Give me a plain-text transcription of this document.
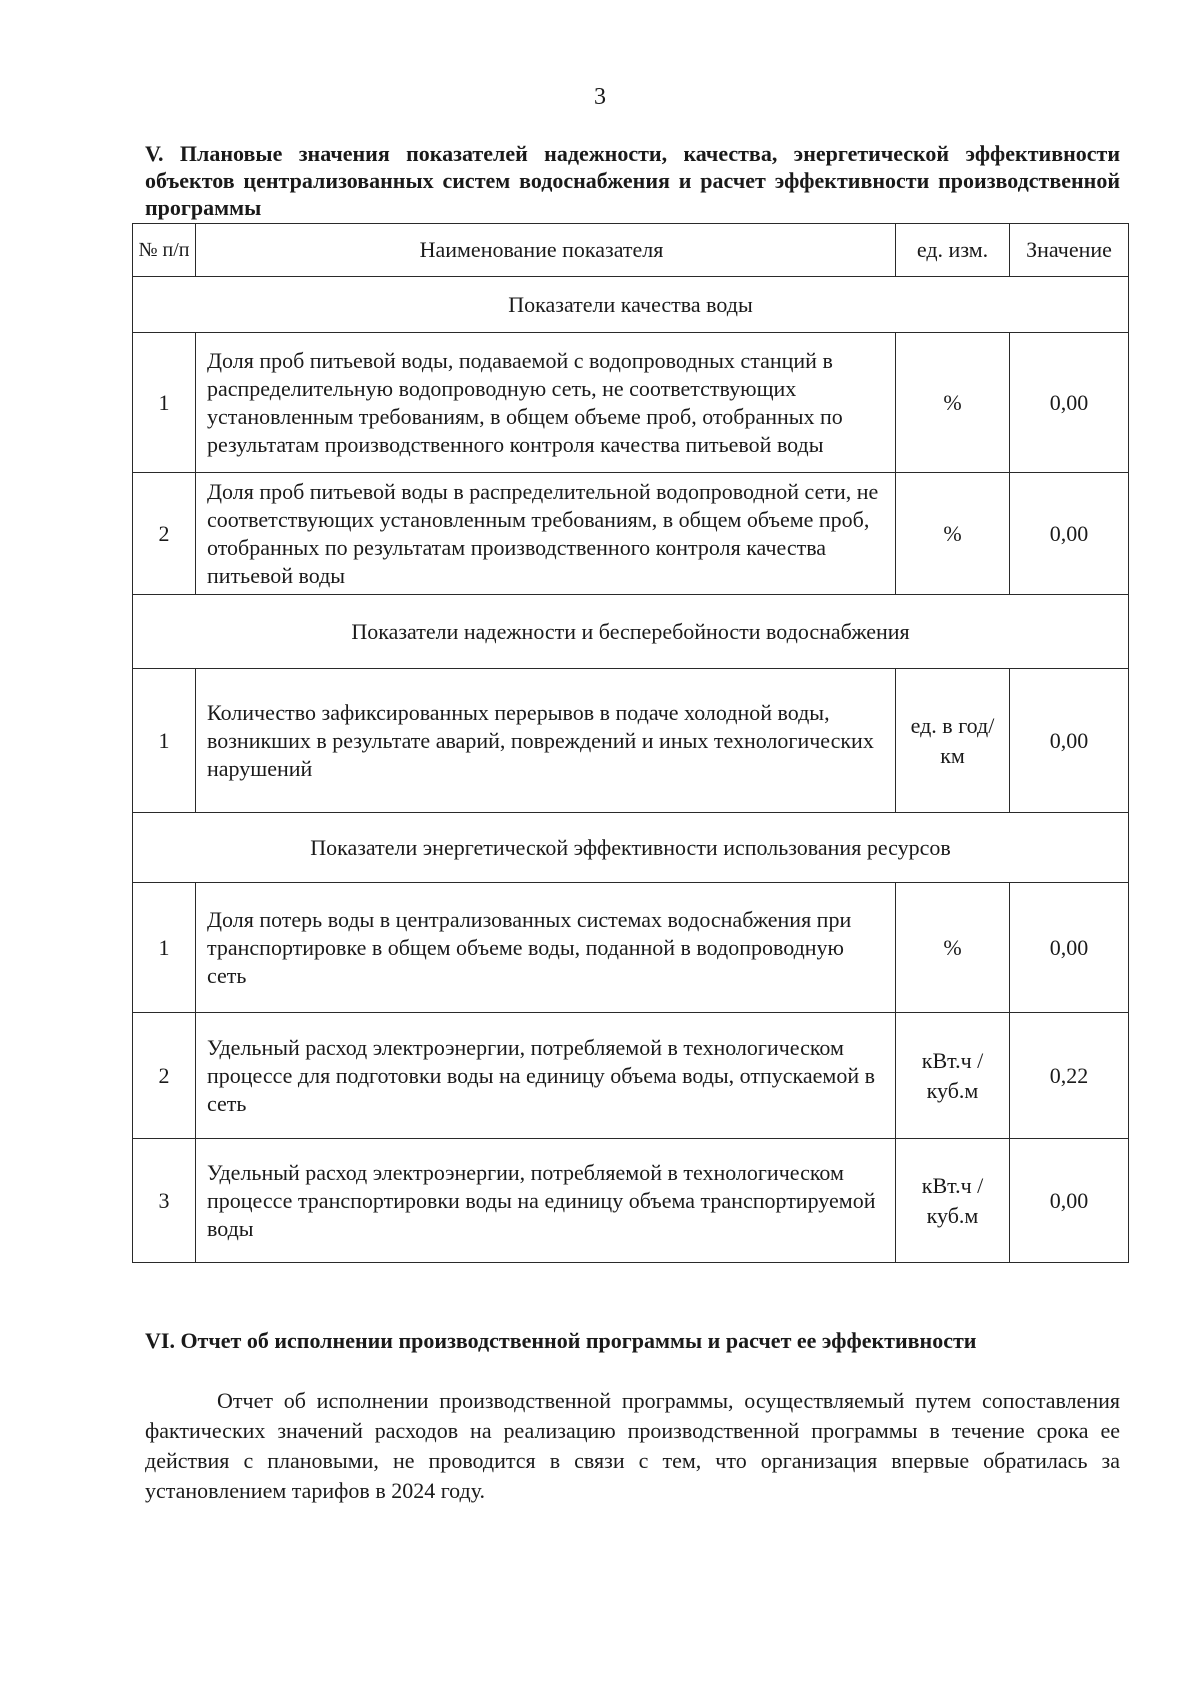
3
V. Плановые значения показателей надежности, качества, энергетической эффективности объектов централизованных систем водоснабжения и расчет эффективности производственной программы
№ п/п	Наименование показателя	ед. изм.	Значение
Показатели качества воды			
1	Доля проб питьевой воды, подаваемой с водопроводных станций в распределительную водопроводную сеть, не соответствующих установленным требованиям, в общем объеме проб, отобранных по результатам производственного контроля качества питьевой воды	%	0,00
2	Доля проб питьевой воды в распределительной водопроводной сети, не соответствующих установленным требованиям, в общем объеме проб, отобранных по результатам производственного контроля качества питьевой воды	%	0,00
Показатели надежности и бесперебойности водоснабжения			
1	Количество зафиксированных перерывов в подаче холодной воды, возникших в результате аварий, повреждений и иных технологических нарушений	ед. в год/ км	0,00
Показатели энергетической эффективности использования ресурсов			
1	Доля потерь воды в централизованных системах водоснабжения при транспортировке в общем объеме воды, поданной в водопроводную сеть	%	0,00
2	Удельный расход электроэнергии, потребляемой в технологическом процессе для подготовки воды на единицу объема воды, отпускаемой в сеть	кВт.ч / куб.м	0,22
3	Удельный расход электроэнергии, потребляемой в технологическом процессе транспортировки воды на единицу объема транспортируемой воды	кВт.ч / куб.м	0,00
VI. Отчет об исполнении производственной программы и расчет ее эффективности
Отчет об исполнении производственной программы, осуществляемый путем сопоставления фактических значений расходов на реализацию производственной программы в течение срока ее действия с плановыми, не проводится в связи с тем, что организация впервые обратилась за установлением тарифов в 2024 году.
